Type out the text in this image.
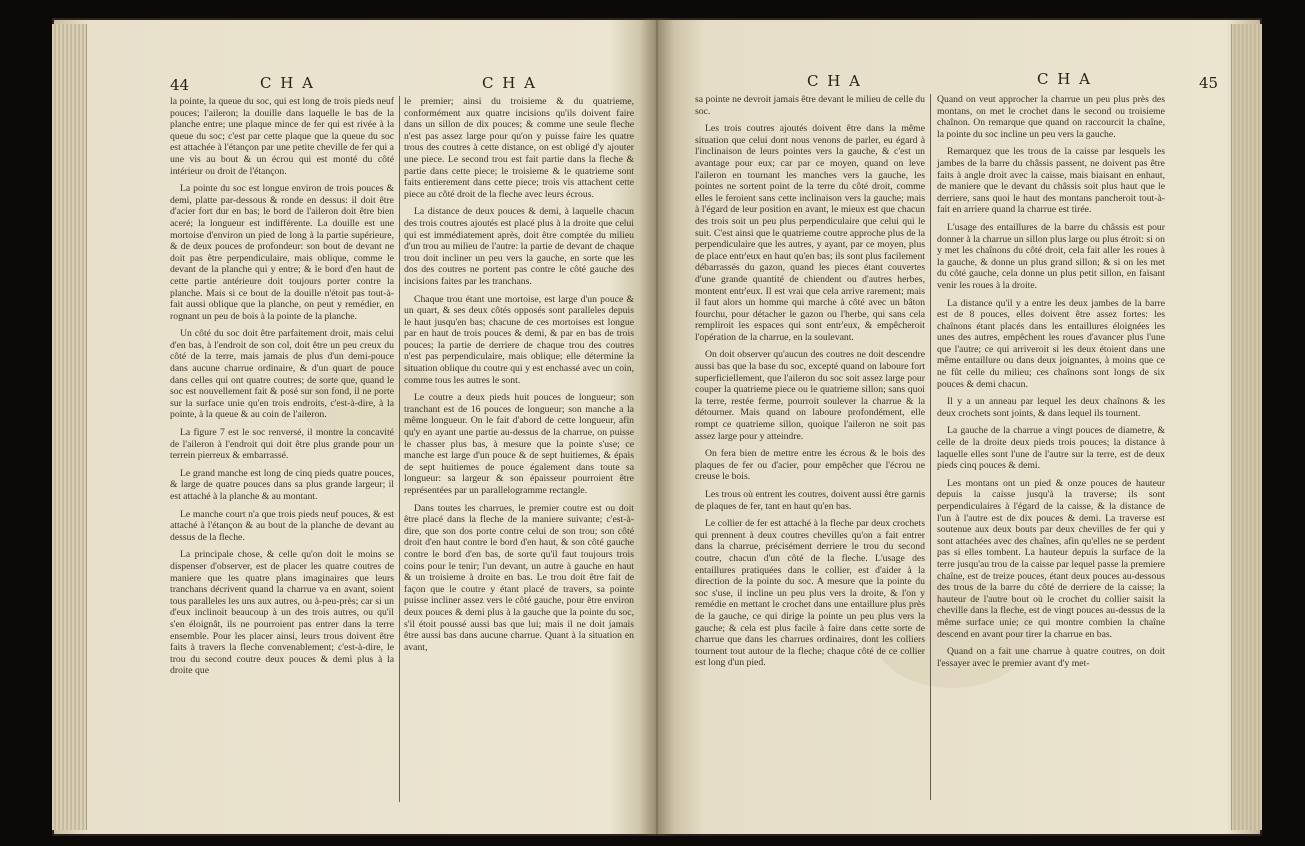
44	C H A	C H A

la pointe, la queue du soc, qui est long de trois pieds neuf pouces; l'aileron; la douille dans laquelle le bas de la planche entre; une plaque mince de fer qui est rivée à la queue du soc; c'est par cette plaque que la queue du soc est attachée à l'étançon par une petite cheville de fer qui a une vis au bout & un écrou qui est monté du côté intérieur ou droit de l'étançon.

La pointe du soc est longue environ de trois pouces & demi, platte par-dessous & ronde en dessus: il doit être d'acier fort dur en bas; le bord de l'aileron doit être bien aceré; la longueur est indifférente. La douille est une mortoise d'environ un pied de long à la partie supérieure, & de deux pouces de profondeur: son bout de devant ne doit pas être perpendiculaire, mais oblique, comme le devant de la planche qui y entre; & le bord d'en haut de cette partie antérieure doit toujours porter contre la planche. Mais si ce bout de la douille n'étoit pas tout-à-fait aussi oblique que la planche, on peut y remédier, en rognant un peu de bois à la pointe de la planche.

Un côté du soc doit être parfaitement droit, mais celui d'en bas, à l'endroit de son col, doit être un peu creux du côté de la terre, mais jamais de plus d'un demi-pouce dans aucune charrue ordinaire, & d'un quart de pouce dans celles qui ont quatre coutres; de sorte que, quand le soc est nouvellement fait & posé sur son fond, il ne porte sur la surface unie qu'en trois endroits, c'est-à-dire, à la pointe, à la queue & au coin de l'aileron.

La figure 7 est le soc renversé, il montre la concavité de l'aileron à l'endroit qui doit être plus grande pour un terrein pierreux & embarrassé.

Le grand manche est long de cinq pieds quatre pouces, & large de quatre pouces dans sa plus grande largeur; il est attaché à la planche & au montant.

Le manche court n'a que trois pieds neuf pouces, & est attaché à l'étançon & au bout de la planche de devant au dessus de la fleche.

La principale chose, & celle qu'on doit le moins se dispenser d'observer, est de placer les quatre coutres de maniere que les quatre plans imaginaires que leurs tranchans décrivent quand la charrue va en avant, soient tous paralleles les uns aux autres, ou à-peu-près; car si un d'eux inclinoit beaucoup à un des trois autres, ou qu'il s'en éloignât, ils ne pourroient pas entrer dans la terre ensemble. Pour les placer ainsi, leurs trous doivent être faits à travers la fleche convenablement; c'est-à-dire, le trou du second coutre deux pouces & demi plus à la droite que

le premier; ainsi du troisieme & du quatrieme, conformément aux quatre incisions qu'ils doivent faire dans un sillon de dix pouces; & comme une seule fleche n'est pas assez large pour qu'on y puisse faire les quatre trous des coutres à cette distance, on est obligé d'y ajouter une piece. Le second trou est fait partie dans la fleche & partie dans cette piece; le troisieme & le quatrieme sont faits entierement dans cette piece; trois vis attachent cette piece au côté droit de la fleche avec leurs écrous.

La distance de deux pouces & demi, à laquelle chacun des trois coutres ajoutés est placé plus à la droite que celui qui est immédiatement après, doit être comptée du milieu d'un trou au milieu de l'autre: la partie de devant de chaque trou doit incliner un peu vers la gauche, en sorte que les dos des coutres ne portent pas contre le côté gauche des incisions faites par les tranchans.

Chaque trou étant une mortoise, est large d'un pouce & un quart, & ses deux côtés opposés sont paralleles depuis le haut jusqu'en bas; chacune de ces mortoises est longue par en haut de trois pouces & demi, & par en bas de trois pouces; la partie de derriere de chaque trou des coutres n'est pas perpendiculaire, mais oblique; elle détermine la situation oblique du coutre qui y est enchassé avec un coin, comme tous les autres le sont.

Le coutre a deux pieds huit pouces de longueur; son tranchant est de 16 pouces de longueur; son manche a la même longueur. On le fait d'abord de cette longueur, afin qu'y en ayant une partie au-dessus de la charrue, on puisse le chasser plus bas, à mesure que la pointe s'use; ce manche est large d'un pouce & de sept huitiemes, & épais de sept huitiemes de pouce également dans toute sa longueur: sa largeur & son épaisseur pourroient être représentées par un parallelogramme rectangle.

Dans toutes les charrues, le premier coutre est ou doit être placé dans la fleche de la maniere suivante; c'est-à-dire, que son dos porte contre celui de son trou; son côté droit d'en haut contre le bord d'en haut, & son côté gauche contre le bord d'en bas, de sorte qu'il faut toujours trois coins pour le tenir; l'un devant, un autre à gauche en haut & un troisieme à droite en bas. Le trou doit être fait de façon que le coutre y étant placé de travers, sa pointe puisse incliner assez vers le côté gauche, pour être environ deux pouces & demi plus à la gauche que la pointe du soc, s'il étoit poussé aussi bas que lui; mais il ne doit jamais être aussi bas dans aucune charrue. Quant à la situation en avant,

C H A	C H A	45

sa pointe ne devroit jamais être devant le milieu de celle du soc.

Les trois coutres ajoutés doivent être dans la même situation que celui dont nous venons de parler, eu égard à l'inclinaison de leurs pointes vers la gauche, & c'est un avantage pour eux; car par ce moyen, quand on leve l'aileron en tournant les manches vers la gauche, les pointes ne sortent point de la terre du côté droit, comme elles le feroient sans cette inclinaison vers la gauche; mais à l'égard de leur position en avant, le mieux est que chacun des trois soit un peu plus perpendiculaire que celui qui le suit. C'est ainsi que le quatrieme coutre approche plus de la perpendiculaire que les autres, y ayant, par ce moyen, plus de place entr'eux en haut qu'en bas; ils sont plus facilement débarrassés du gazon, quand les pieces étant couvertes d'une grande quantité de chiendent ou d'autres herbes, montent entr'eux. Il est vrai que cela arrive rarement; mais il faut alors un homme qui marche à côté avec un bâton fourchu, pour détacher le gazon ou l'herbe, qui sans cela rempliroit les espaces qui sont entr'eux, & empêcheroit l'opération de la charrue, en la soulevant.

On doit observer qu'aucun des coutres ne doit descendre aussi bas que la base du soc, excepté quand on laboure fort superficiellement, que l'aileron du soc soit assez large pour couper la quatrieme piece ou le quatrieme sillon; sans quoi la terre, restée ferme, pourroit soulever la charrue & la détourner. Mais quand on laboure profondément, elle rompt ce quatrieme sillon, quoique l'aileron ne soit pas assez large pour y atteindre.

On fera bien de mettre entre les écrous & le bois des plaques de fer ou d'acier, pour empêcher que l'écrou ne creuse le bois.

Les trous où entrent les coutres, doivent aussi être garnis de plaques de fer, tant en haut qu'en bas.

Le collier de fer est attaché à la fleche par deux crochets qui prennent à deux coutres chevilles qu'on a fait entrer dans la charrue, précisément derriere le trou du second coutre, chacun d'un côté de la fleche. L'usage des entaillures pratiquées dans le collier, est d'aider à la direction de la pointe du soc. A mesure que la pointe du soc s'use, il incline un peu plus vers la droite, & l'on y remédie en mettant le crochet dans une entaillure plus près de la gauche, ce qui dirige la pointe un peu plus vers la gauche; & cela est plus facile à faire dans cette sorte de charrue que dans les charrues ordinaires, dont les colliers tournent tout autour de la fleche; chaque côté de ce collier est long d'un pied.

Quand on veut approcher la charrue un peu plus près des montans, on met le crochet dans le second ou troisieme chaînon. On remarque que quand on raccourcit la chaîne, la pointe du soc incline un peu vers la gauche.

Remarquez que les trous de la caisse par lesquels les jambes de la barre du châssis passent, ne doivent pas être faits à angle droit avec la caisse, mais biaisant en enhaut, de maniere que le devant du châssis soit plus haut que le derriere, sans quoi le haut des montans pancheroit tout-à-fait en arriere quand la charrue est tirée.

L'usage des entaillures de la barre du châssis est pour donner à la charrue un sillon plus large ou plus étroit: si on y met les chaînons du côté droit, cela fait aller les roues à la gauche, & donne un plus grand sillon; & si on les met du côté gauche, cela donne un plus petit sillon, en faisant venir les roues à la droite.

La distance qu'il y a entre les deux jambes de la barre est de 8 pouces, elles doivent être assez fortes: les chaînons étant placés dans les entaillures éloignées les unes des autres, empêchent les roues d'avancer plus l'une que l'autre; ce qui arriveroit si les deux étoient dans une même entaillure ou dans deux joignantes, à moins que ce ne fût celle du milieu; ces chaînons sont longs de six pouces & demi chacun.

Il y a un anneau par lequel les deux chaînons & les deux crochets sont joints, & dans lequel ils tournent.

La gauche de la charrue a vingt pouces de diametre, & celle de la droite deux pieds trois pouces; la distance à laquelle elles sont l'une de l'autre sur la terre, est de deux pieds cinq pouces & demi.

Les montans ont un pied & onze pouces de hauteur depuis la caisse jusqu'à la traverse; ils sont perpendiculaires à l'égard de la caisse, & la distance de l'un à l'autre est de dix pouces & demi. La traverse est soutenue aux deux bouts par deux chevilles de fer qui y sont attachées avec des chaînes, afin qu'elles ne se perdent pas si elles tombent. La hauteur depuis la surface de la terre jusqu'au trou de la caisse par lequel passe la premiere chaîne, est de treize pouces, étant deux pouces au-dessous des trous de la barre du côté de derriere de la caisse; la hauteur de l'autre bout où le crochet du collier saisit la cheville dans la fleche, est de vingt pouces au-dessus de la même surface unie; ce qui montre combien la chaîne descend en avant pour tirer la charrue en bas.

Quand on a fait une charrue à quatre coutres, on doit l'essayer avec le premier avant d'y met-
